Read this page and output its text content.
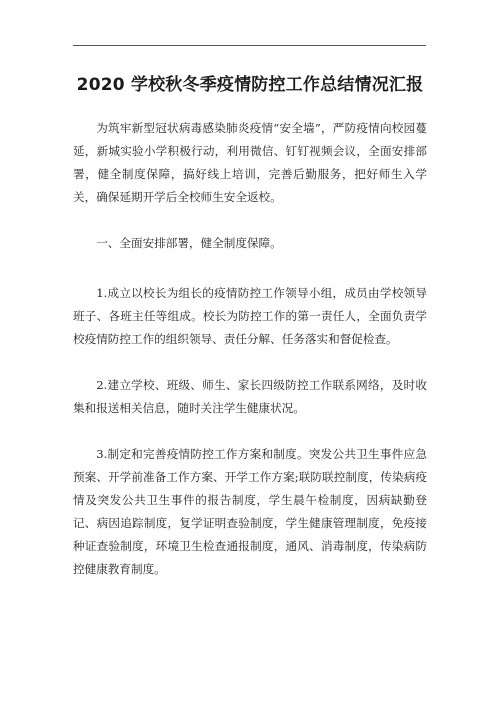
2020 学校秋冬季疫情防控工作总结情况汇报

为筑牢新型冠状病毒感染肺炎疫情“安全墙”，严防疫情向校园蔓延，新城实验小学积极行动，利用微信、钉钉视频会议，全面安排部署，健全制度保障，搞好线上培训，完善后勤服务，把好师生入学关，确保延期开学后全校师生安全返校。

一、全面安排部署，健全制度保障。

1.成立以校长为组长的疫情防控工作领导小组，成员由学校领导班子、各班主任等组成。校长为防控工作的第一责任人，全面负责学校疫情防控工作的组织领导、责任分解、任务落实和督促检查。

2.建立学校、班级、师生、家长四级防控工作联系网络，及时收集和报送相关信息，随时关注学生健康状况。

3.制定和完善疫情防控工作方案和制度。突发公共卫生事件应急预案、开学前准备工作方案、开学工作方案;联防联控制度，传染病疫情及突发公共卫生事件的报告制度，学生晨午检制度，因病缺勤登记、病因追踪制度，复学证明查验制度，学生健康管理制度，免疫接种证查验制度，环境卫生检查通报制度，通风、消毒制度，传染病防控健康教育制度。
